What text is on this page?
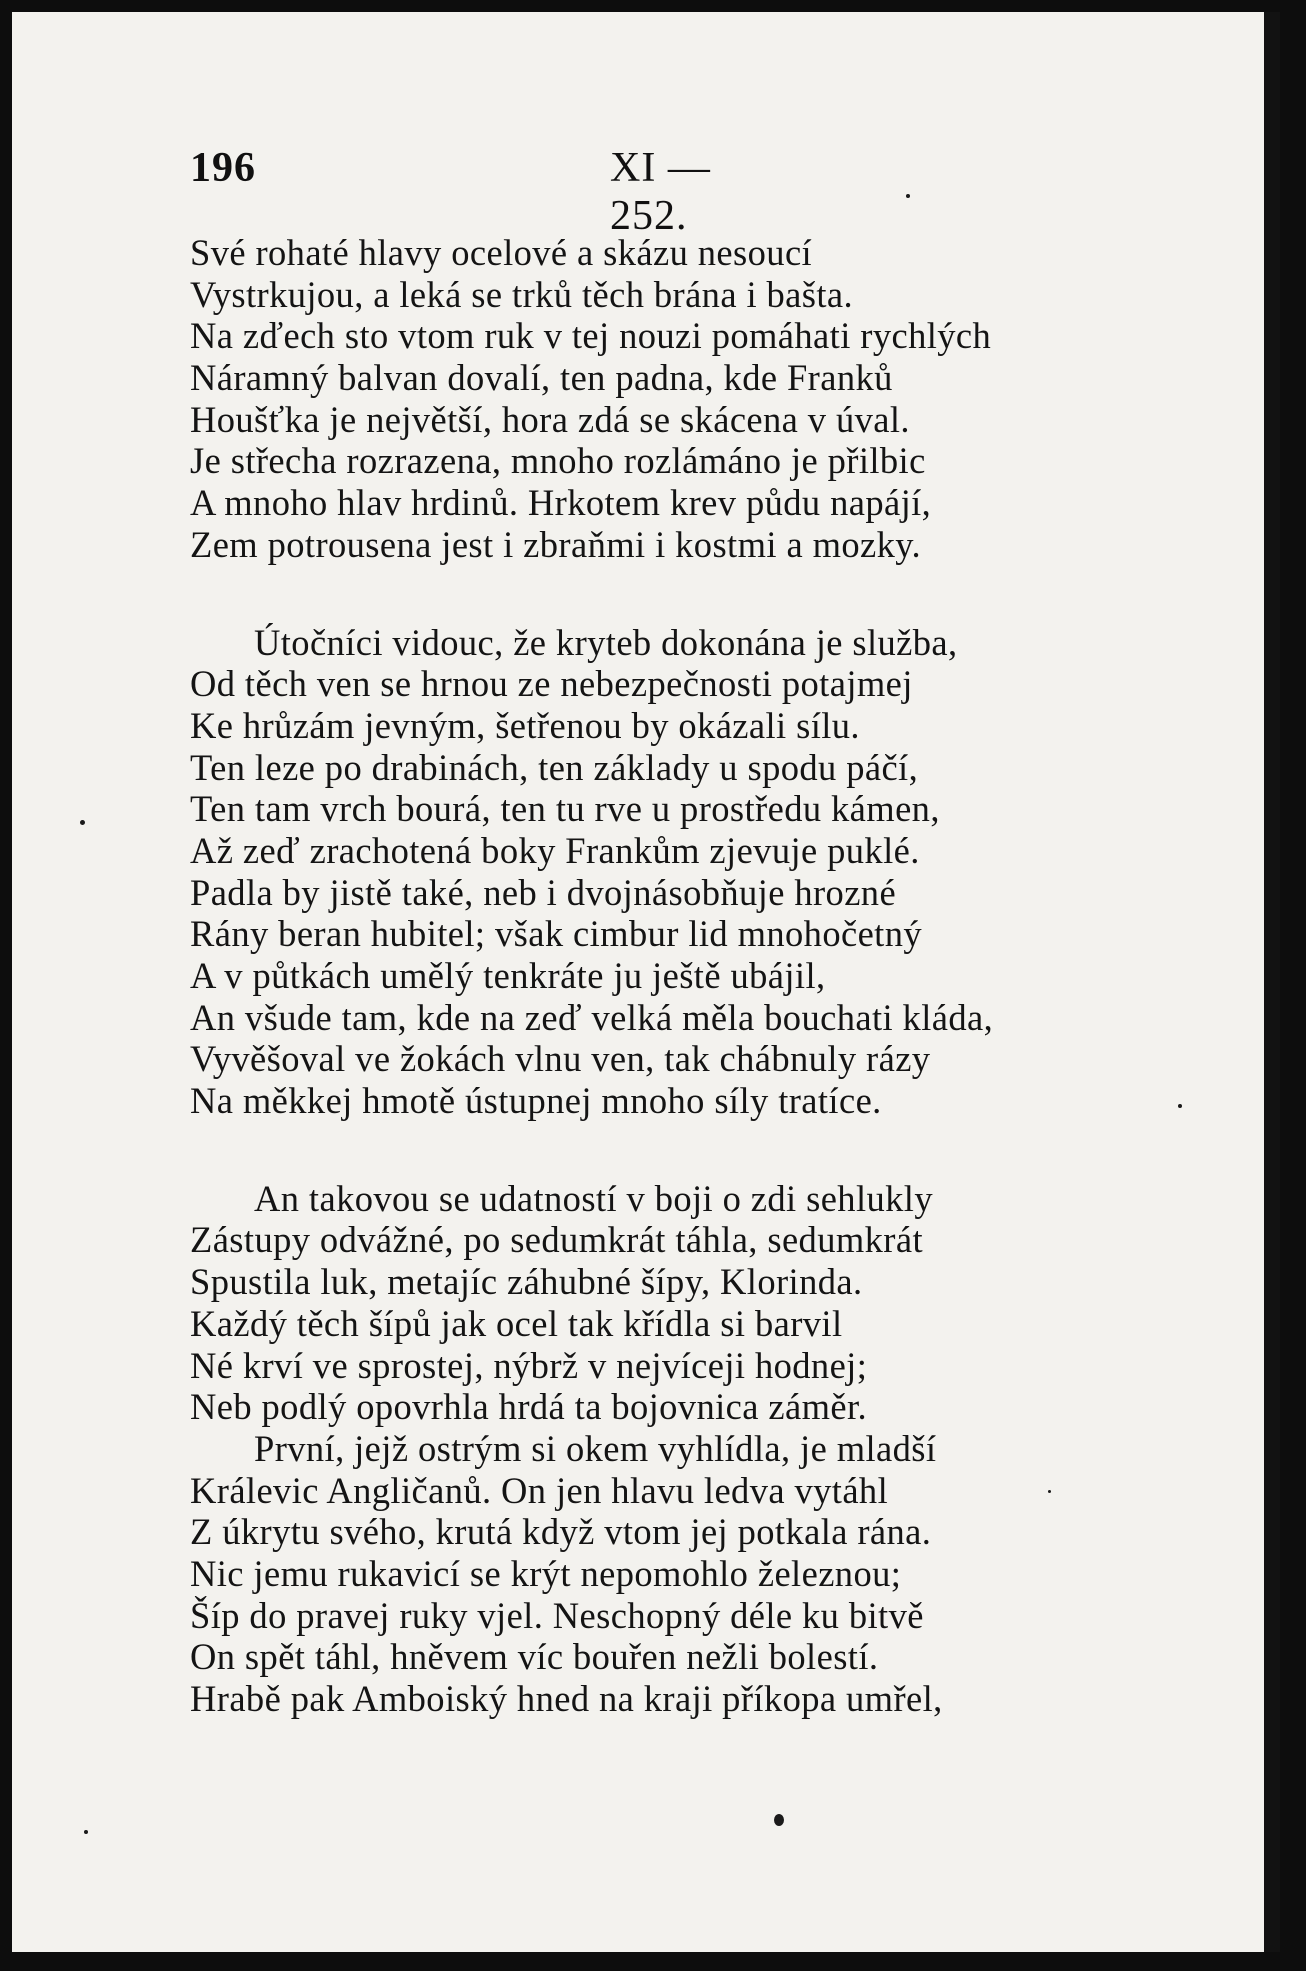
196	XI — 252.
Své rohaté hlavy ocelové a skázu nesoucí
Vystrkujou, a leká se trků těch brána i bašta.
Na zďech sto vtom ruk v tej nouzi pomáhati rychlých
Náramný balvan dovalí, ten padna, kde Franků
Houšťka je největší, hora zdá se skácena v úval.
Je střecha rozrazena, mnoho rozlámáno je přilbic
A mnoho hlav hrdinů. Hrkotem krev půdu napájí,
Zem potrousena jest i zbraňmi i kostmi a mozky.
Útočníci vidouc, že kryteb dokonána je služba,
Od těch ven se hrnou ze nebezpečnosti potajmej
Ke hrůzám jevným, šetřenou by okázali sílu.
Ten leze po drabinách, ten základy u spodu páčí,
Ten tam vrch bourá, ten tu rve u prostředu kámen,
Až zeď zrachotená boky Frankům zjevuje puklé.
Padla by jistě také, neb i dvojnásobňuje hrozné
Rány beran hubitel; však cimbur lid mnohočetný
A v půtkách umělý tenkráte ju ještě ubájil,
An všude tam, kde na zeď velká měla bouchati kláda,
Vyvěšoval ve žokách vlnu ven, tak chábnuly rázy
Na měkkej hmotě ústupnej mnoho síly tratíce.
An takovou se udatností v boji o zdi sehlukly
Zástupy odvážné, po sedumkrát táhla, sedumkrát
Spustila luk, metajíc záhubné šípy, Klorinda.
Každý těch šípů jak ocel tak křídla si barvil
Né krví ve sprostej, nýbrž v nejvíceji hodnej;
Neb podlý opovrhla hrdá ta bojovnica záměr.
První, jejž ostrým si okem vyhlídla, je mladší
Králevic Angličanů. On jen hlavu ledva vytáhl
Z úkrytu svého, krutá když vtom jej potkala rána.
Nic jemu rukavicí se krýt nepomohlo železnou;
Šíp do pravej ruky vjel. Neschopný déle ku bitvě
On spět táhl, hněvem víc bouřen nežli bolestí.
Hrabě pak Amboiský hned na kraji příkopa umřel,
